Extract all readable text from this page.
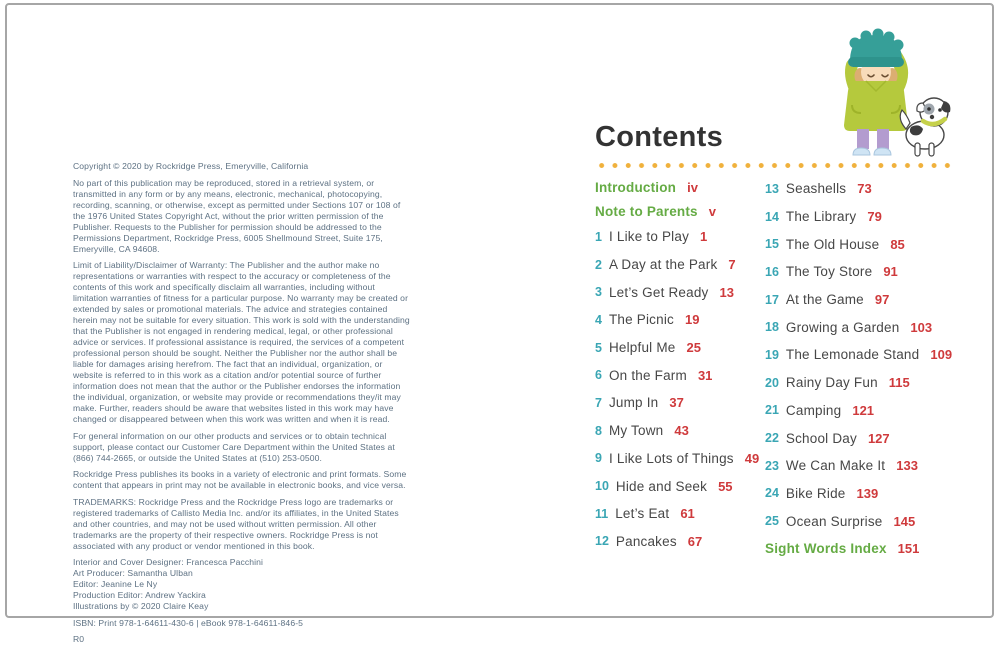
Copyright © 2020 by Rockridge Press, Emeryville, California

No part of this publication may be reproduced, stored in a retrieval system, or transmitted in any form or by any means, electronic, mechanical, photocopying, recording, scanning, or otherwise, except as permitted under Sections 107 or 108 of the 1976 United States Copyright Act, without the prior written permission of the Publisher. Requests to the Publisher for permission should be addressed to the Permissions Department, Rockridge Press, 6005 Shellmound Street, Suite 175, Emeryville, CA 94608.

Limit of Liability/Disclaimer of Warranty: The Publisher and the author make no representations or warranties with respect to the accuracy or completeness of the contents of this work and specifically disclaim all warranties, including without limitation warranties of fitness for a particular purpose. No warranty may be created or extended by sales or promotional materials. The advice and strategies contained herein may not be suitable for every situation. This work is sold with the understanding that the Publisher is not engaged in rendering medical, legal, or other professional advice or services. If professional assistance is required, the services of a competent professional person should be sought. Neither the Publisher nor the author shall be liable for damages arising herefrom. The fact that an individual, organization, or website is referred to in this work as a citation and/or potential source of further information does not mean that the author or the Publisher endorses the information the individual, organization, or website may provide or recommendations they/it may make. Further, readers should be aware that websites listed in this work may have changed or disappeared between when this work was written and when it is read.

For general information on our other products and services or to obtain technical support, please contact our Customer Care Department within the United States at (866) 744-2665, or outside the United States at (510) 253-0500.

Rockridge Press publishes its books in a variety of electronic and print formats. Some content that appears in print may not be available in electronic books, and vice versa.

TRADEMARKS: Rockridge Press and the Rockridge Press logo are trademarks or registered trademarks of Callisto Media Inc. and/or its affiliates, in the United States and other countries, and may not be used without written permission. All other trademarks are the property of their respective owners. Rockridge Press is not associated with any product or vendor mentioned in this book.

Interior and Cover Designer: Francesca Pacchini

Art Producer: Samantha Ulban

Editor: Jeanine Le Ny

Production Editor: Andrew Yackira

Illustrations by © 2020 Claire Keay

ISBN: Print 978-1-64611-430-6 | eBook 978-1-64611-846-5

R0

Contents
Introduction iv
Note to Parents v
1 I Like to Play 1
2 A Day at the Park 7
3 Let’s Get Ready 13
4 The Picnic 19
5 Helpful Me 25
6 On the Farm 31
7 Jump In 37
8 My Town 43
9 I Like Lots of Things 49
10 Hide and Seek 55
11 Let’s Eat 61
12 Pancakes 67
13 Seashells 73
14 The Library 79
15 The Old House 85
16 The Toy Store 91
17 At the Game 97
18 Growing a Garden 103
19 The Lemonade Stand 109
20 Rainy Day Fun 115
21 Camping 121
22 School Day 127
23 We Can Make It 133
24 Bike Ride 139
25 Ocean Surprise 145
Sight Words Index 151
